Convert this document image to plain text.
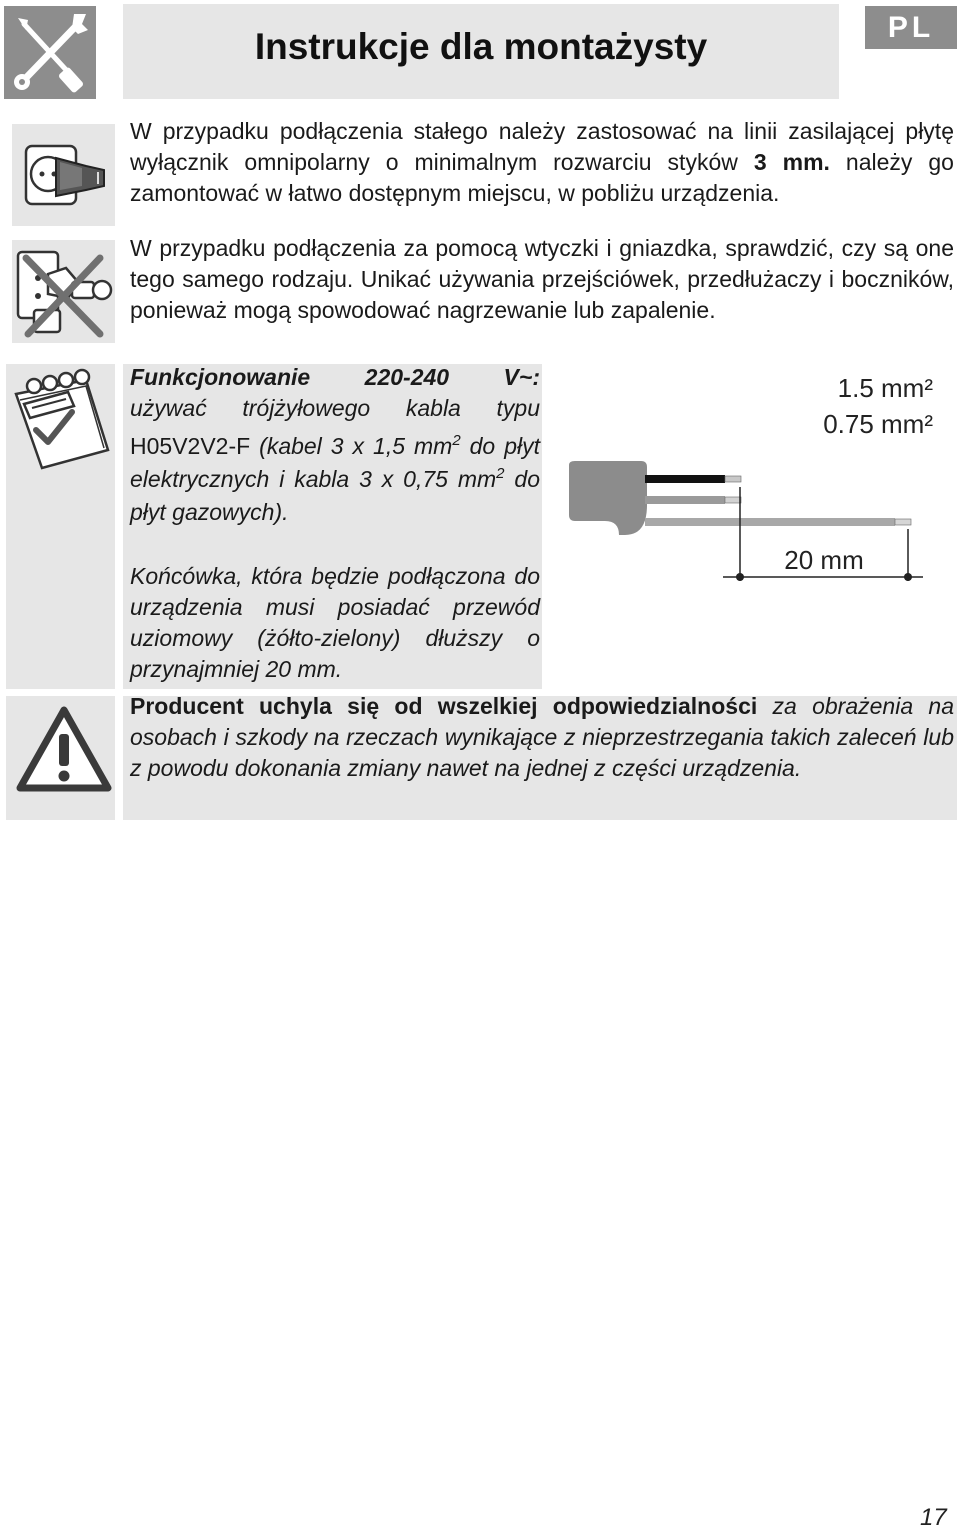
Instrukcje dla montażysty	PL
W przypadku podłączenia stałego należy zastosować na linii zasilającej płytę wyłącznik omnipolarny o minimalnym rozwarciu styków 3 mm. należy go zamontować w łatwo dostępnym miejscu, w pobliżu urządzenia.
W przypadku podłączenia za pomocą wtyczki i gniazdka, sprawdzić, czy są one tego samego rodzaju. Unikać używania przejściówek, przedłużaczy i boczników, ponieważ mogą spowodować nagrzewanie lub zapalenie.
Funkcjonowanie 220-240 V~:
używać trójżyłowego kabla typu
H05V2V2-F (kabel 3 x 1,5 $mm^2$ do płyt elektrycznych i kabla 3 x 0,75 $mm^2$ do płyt gazowych).
Końcówka, która będzie podłączona do urządzenia musi posiadać przewód uziomowy (żółto-zielony) dłuższy o przynajmniej 20 mm.
1.5 mm²
0.75 mm²
20 mm
Producent uchyla się od wszelkiej odpowiedzialności za obrażenia na osobach i szkody na rzeczach wynikające z nieprzestrzegania takich zaleceń lub z powodu dokonania zmiany nawet na jednej z części urządzenia.
17
